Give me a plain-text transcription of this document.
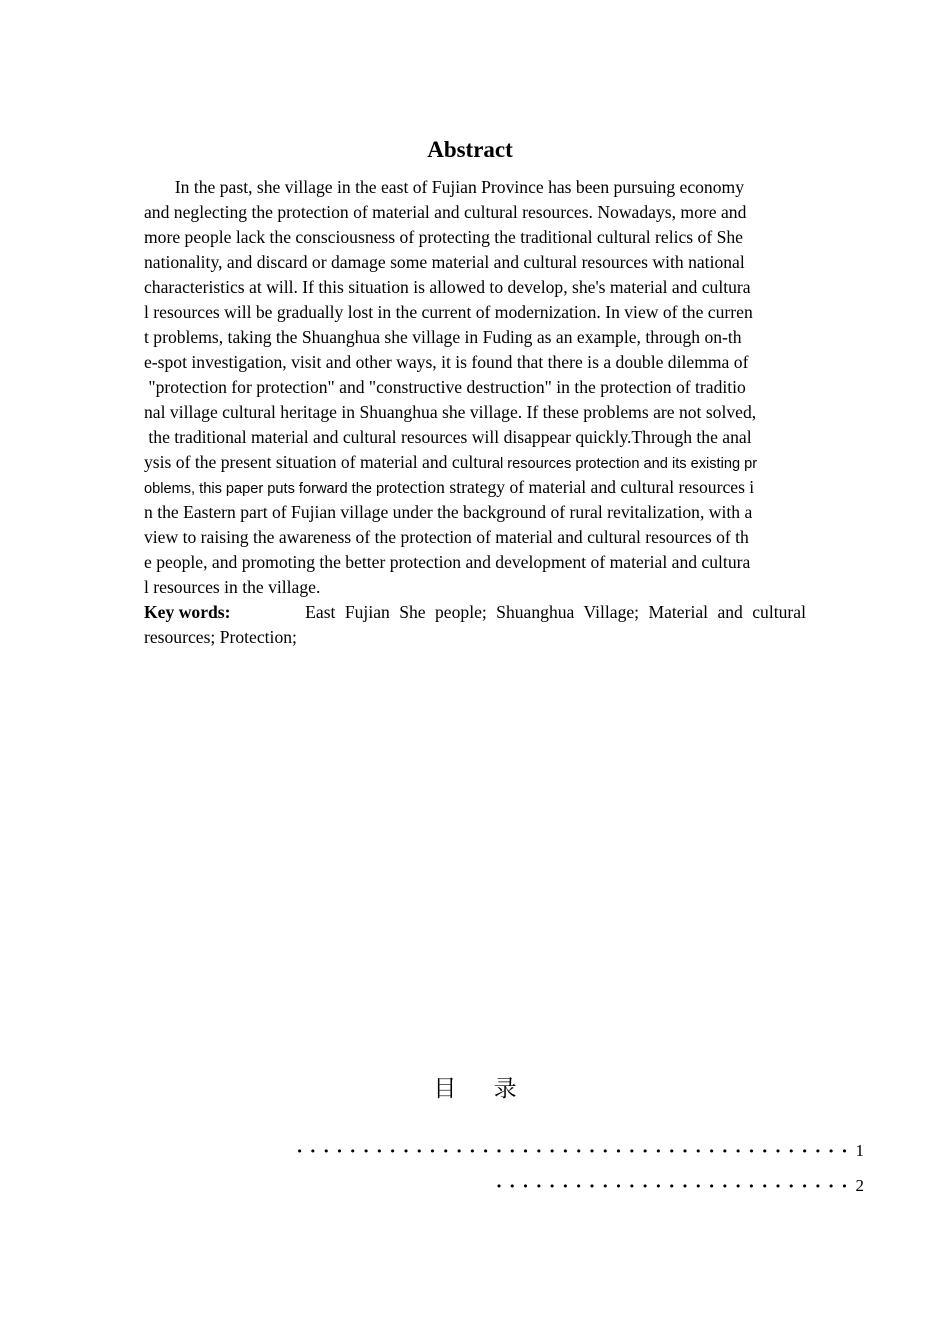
Abstract
In the past, she village in the east of Fujian Province has been pursuing economy
and neglecting the protection of material and cultural resources. Nowadays, more and
more people lack the consciousness of protecting the traditional cultural relics of She
nationality, and discard or damage some material and cultural resources with national
characteristics at will. If this situation is allowed to develop, she's material and cultura
l resources will be gradually lost in the current of modernization. In view of the curren
t problems, taking the Shuanghua she village in Fuding as an example, through on-th
e-spot investigation, visit and other ways, it is found that there is a double dilemma of
"protection for protection" and "constructive destruction" in the protection of traditio
nal village cultural heritage in Shuanghua she village. If these problems are not solved,
the traditional material and cultural resources will disappear quickly.Through the anal
ysis of the present situation of material and cultural resources protection and its existing pr
oblems, this paper puts forward the protection strategy of material and cultural resources i
n the Eastern part of Fujian village under the background of rural revitalization, with a
view to raising the awareness of the protection of material and cultural resources of th
e people, and promoting the better protection and development of material and cultura
l resources in the village.
Key words:	East Fujian She people; Shuanghua Village; Material and cultural
resources; Protection;
目 录
•••••••••••••••••••••••••••••••••••••••••• 1
••••••••••••••••••••••••••• 2
